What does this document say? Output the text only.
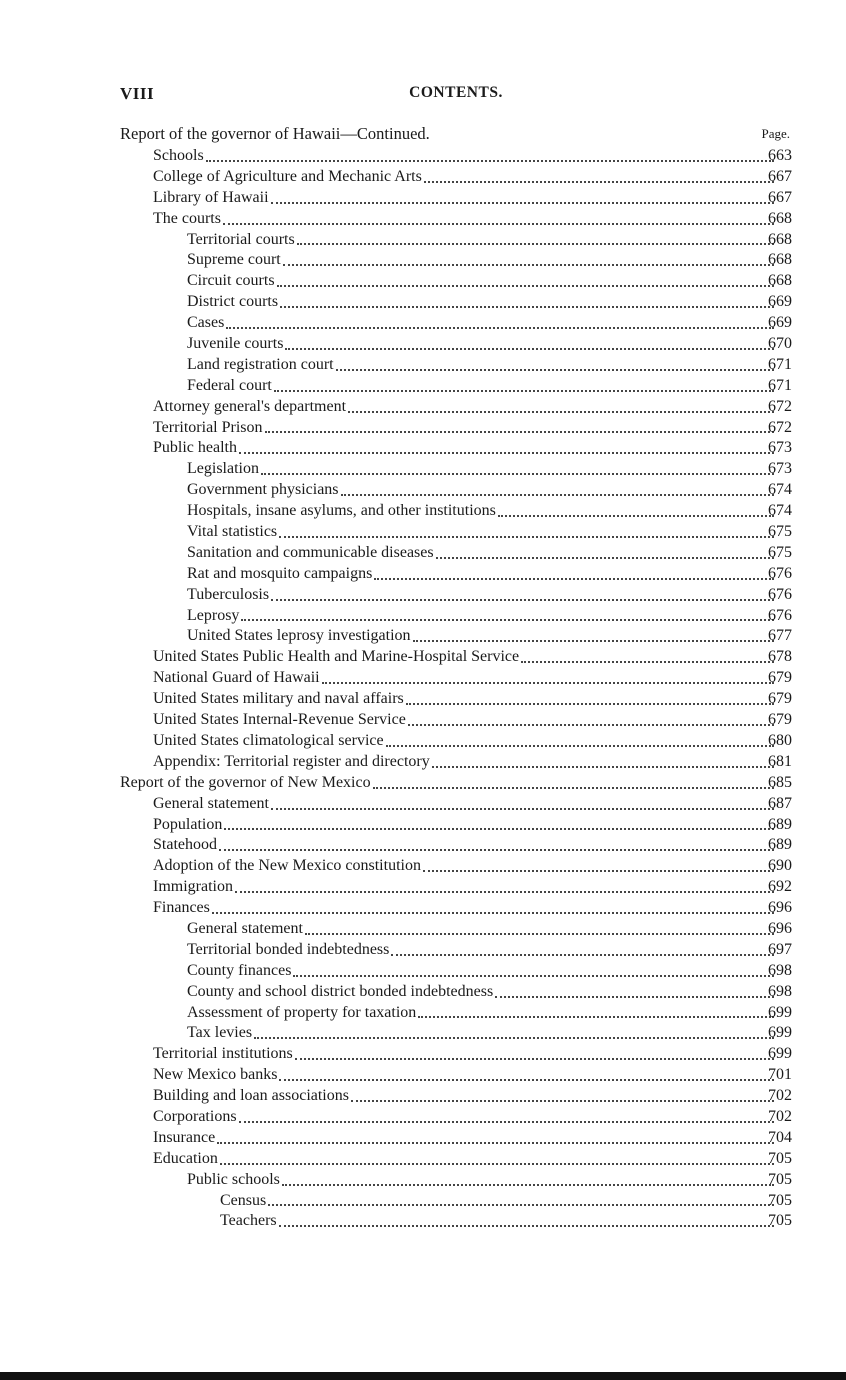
VIII	CONTENTS.
Report of the governor of Hawaii—Continued.	Page.
Schools	663
College of Agriculture and Mechanic Arts	667
Library of Hawaii	667
The courts	668
Territorial courts	668
Supreme court	668
Circuit courts	668
District courts	669
Cases	669
Juvenile courts	670
Land registration court	671
Federal court	671
Attorney general's department	672
Territorial Prison	672
Public health	673
Legislation	673
Government physicians	674
Hospitals, insane asylums, and other institutions	674
Vital statistics	675
Sanitation and communicable diseases	675
Rat and mosquito campaigns	676
Tuberculosis	676
Leprosy	676
United States leprosy investigation	677
United States Public Health and Marine-Hospital Service	678
National Guard of Hawaii	679
United States military and naval affairs	679
United States Internal-Revenue Service	679
United States climatological service	680
Appendix: Territorial register and directory	681
Report of the governor of New Mexico	685
General statement	687
Population	689
Statehood	689
Adoption of the New Mexico constitution	690
Immigration	692
Finances	696
General statement	696
Territorial bonded indebtedness	697
County finances	698
County and school district bonded indebtedness	698
Assessment of property for taxation	699
Tax levies	699
Territorial institutions	699
New Mexico banks	701
Building and loan associations	702
Corporations	702
Insurance	704
Education	705
Public schools	705
Census	705
Teachers	705
